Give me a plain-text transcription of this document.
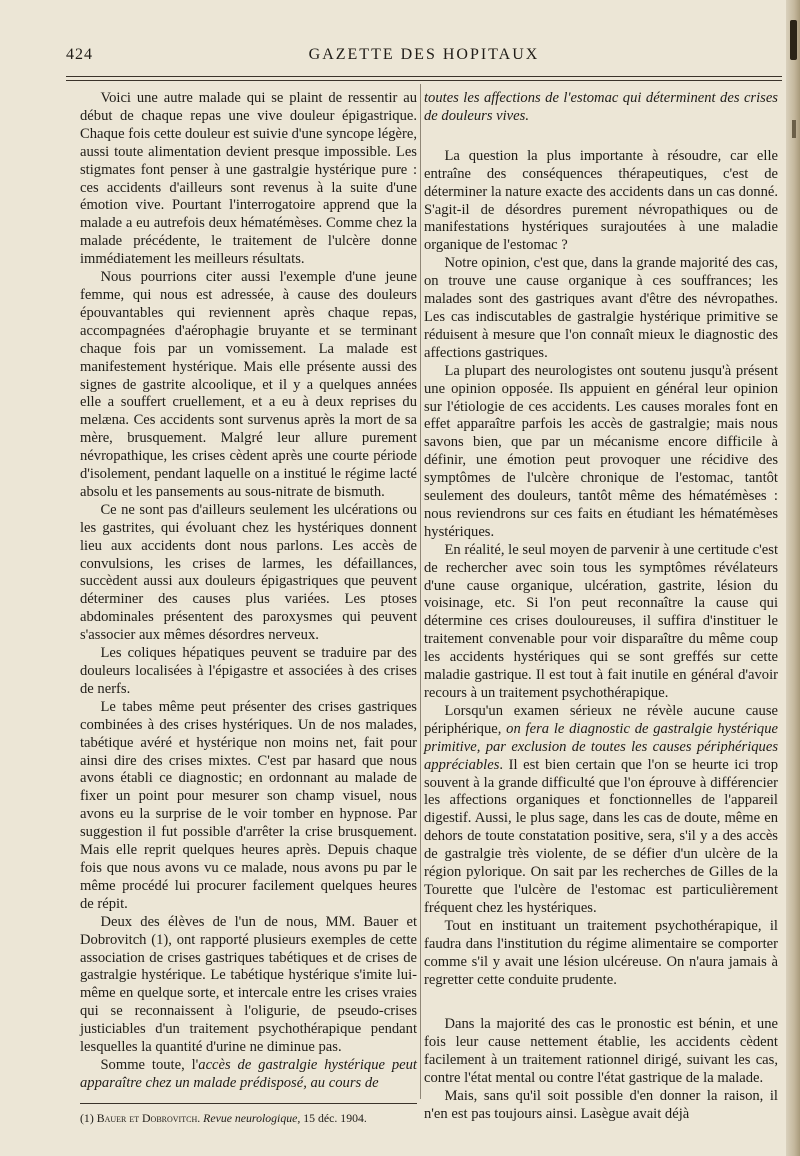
424	GAZETTE DES HOPITAUX

Voici une autre malade qui se plaint de ressentir au début de chaque repas une vive douleur épigastrique. Chaque fois cette douleur est suivie d'une syncope légère, aussi toute alimentation devient presque impossible. Les stigmates font penser à une gastralgie hystérique pure : ces accidents d'ailleurs sont revenus à la suite d'une émotion vive. Pourtant l'interrogatoire apprend que la malade a eu autrefois deux hématémèses. Comme chez la malade précédente, le traitement de l'ulcère donne immédiatement les meilleurs résultats.

Nous pourrions citer aussi l'exemple d'une jeune femme, qui nous est adressée, à cause des douleurs épouvantables qui reviennent après chaque repas, accompagnées d'aérophagie bruyante et se terminant chaque fois par un vomissement. La malade est manifestement hystérique. Mais elle présente aussi des signes de gastrite alcoolique, et il y a quelques années elle a souffert cruellement, et a eu à deux reprises du melæna. Ces accidents sont survenus après la mort de sa mère, brusquement. Malgré leur allure purement névropathique, les crises cèdent après une courte période d'isolement, pendant laquelle on a institué le régime lacté absolu et les pansements au sous-nitrate de bismuth.

Ce ne sont pas d'ailleurs seulement les ulcérations ou les gastrites, qui évoluant chez les hystériques donnent lieu aux accidents dont nous parlons. Les accès de convulsions, les crises de larmes, les défaillances, succèdent aussi aux douleurs épigastriques que peuvent déterminer des causes plus variées. Les ptoses abdominales présentent des paroxysmes qui peuvent s'associer aux mêmes désordres nerveux.

Les coliques hépatiques peuvent se traduire par des douleurs localisées à l'épigastre et associées à des crises de nerfs.

Le tabes même peut présenter des crises gastriques combinées à des crises hystériques. Un de nos malades, tabétique avéré et hystérique non moins net, fait pour ainsi dire des crises mixtes. C'est par hasard que nous avons établi ce diagnostic; en ordonnant au malade de fixer un point pour mesurer son champ visuel, nous avons eu la surprise de le voir tomber en hypnose. Par suggestion il fut possible d'arrêter la crise brusquement. Mais elle reprit quelques heures après. Depuis chaque fois que nous avons vu ce malade, nous avons pu par le même procédé lui procurer facilement quelques heures de répit.

Deux des élèves de l'un de nous, MM. Bauer et Dobrovitch (1), ont rapporté plusieurs exemples de cette association de crises gastriques tabétiques et de crises de gastralgie hystérique. Le tabétique hystérique s'imite lui-même en quelque sorte, et intercale entre les crises vraies qui se reconnaissent à l'oligurie, de pseudo-crises justiciables d'un traitement psychothérapique pendant lesquelles la quantité d'urine ne diminue pas.

Somme toute, l'accès de gastralgie hystérique peut apparaître chez un malade prédisposé, au cours de

toutes les affections de l'estomac qui déterminent des crises de douleurs vives.

La question la plus importante à résoudre, car elle entraîne des conséquences thérapeutiques, c'est de déterminer la nature exacte des accidents dans un cas donné. S'agit-il de désordres purement névropathiques ou de manifestations hystériques surajoutées à une maladie organique de l'estomac ?

Notre opinion, c'est que, dans la grande majorité des cas, on trouve une cause organique à ces souffrances; les malades sont des gastriques avant d'être des névropathes. Les cas indiscutables de gastralgie hystérique primitive se réduisent à mesure que l'on connaît mieux le diagnostic des affections gastriques.

La plupart des neurologistes ont soutenu jusqu'à présent une opinion opposée. Ils appuient en général leur opinion sur l'étiologie de ces accidents. Les causes morales font en effet apparaître parfois les accès de gastralgie; mais nous savons bien, que par un mécanisme encore difficile à définir, une émotion peut provoquer une récidive des symptômes de l'ulcère chronique de l'estomac, tantôt seulement des douleurs, tantôt même des hématémèses : nous reviendrons sur ces faits en étudiant les hématémèses hystériques.

En réalité, le seul moyen de parvenir à une certitude c'est de rechercher avec soin tous les symptômes révélateurs d'une cause organique, ulcération, gastrite, lésion du voisinage, etc. Si l'on peut reconnaître la cause qui détermine ces crises douloureuses, il suffira d'instituer le traitement convenable pour voir disparaître du même coup les accidents hystériques qui se sont greffés sur cette maladie gastrique. Il est tout à fait inutile en général d'avoir recours à un traitement psychothérapique.

Lorsqu'un examen sérieux ne révèle aucune cause périphérique, on fera le diagnostic de gastralgie hystérique primitive, par exclusion de toutes les causes périphériques appréciables. Il est bien certain que l'on se heurte ici trop souvent à la grande difficulté que l'on éprouve à différencier les affections organiques et fonctionnelles de l'appareil digestif. Aussi, le plus sage, dans les cas de doute, même en dehors de toute constatation positive, sera, s'il y a des accès de gastralgie très violente, de se défier d'un ulcère de la région pylorique. On sait par les recherches de Gilles de la Tourette que l'ulcère de l'estomac est particulièrement fréquent chez les hystériques.

Tout en instituant un traitement psychothérapique, il faudra dans l'institution du régime alimentaire se comporter comme s'il y avait une lésion ulcéreuse. On n'aura jamais à regretter cette conduite prudente.

Dans la majorité des cas le pronostic est bénin, et une fois leur cause nettement établie, les accidents cèdent facilement à un traitement rationnel dirigé, suivant les cas, contre l'état mental ou contre l'état gastrique de la malade.

Mais, sans qu'il soit possible d'en donner la raison, il n'en est pas toujours ainsi. Lasègue avait déjà

(1) Bauer et Dobrovitch. Revue neurologique, 15 déc. 1904.
